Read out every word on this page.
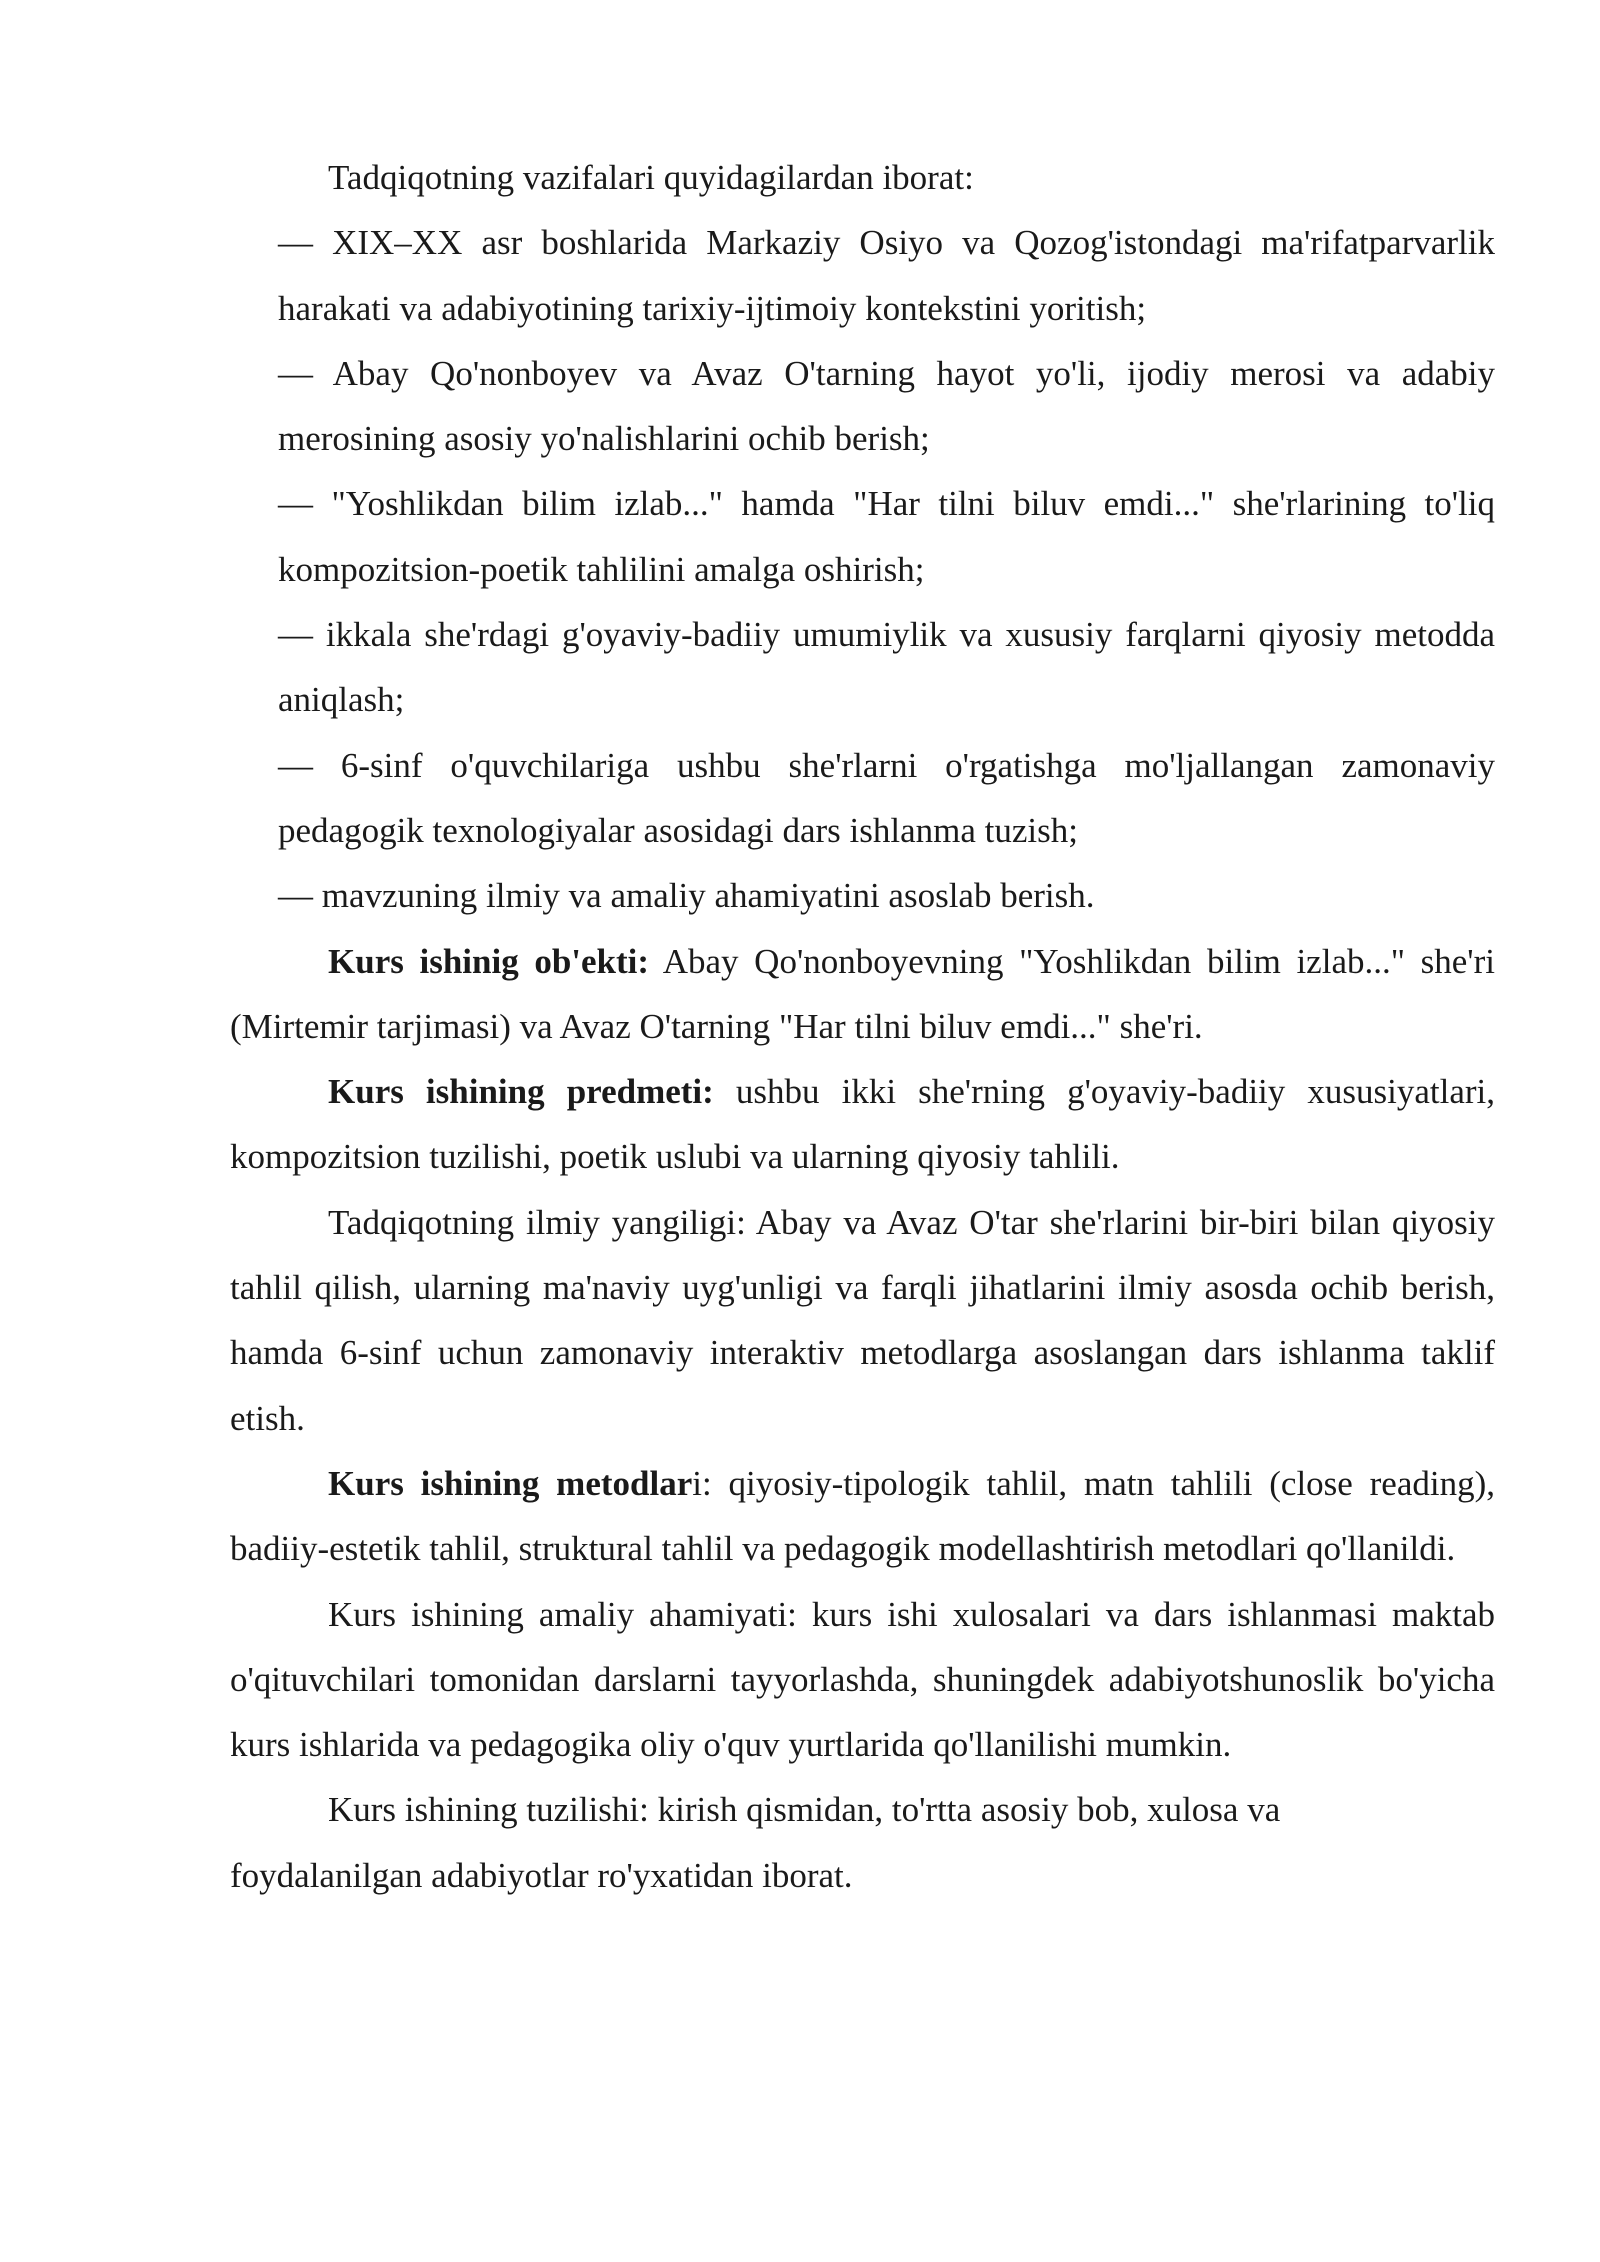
Tadqiqotning vazifalari quyidagilardan iborat:

— XIX–XX asr boshlarida Markaziy Osiyo va Qozog'istondagi ma'rifatparvarlik harakati va adabiyotining tarixiy-ijtimoiy kontekstini yoritish;

— Abay Qo'nonboyev va Avaz O'tarning hayot yo'li, ijodiy merosi va adabiy merosining asosiy yo'nalishlarini ochib berish;

— "Yoshlikdan bilim izlab..." hamda "Har tilni biluv emdi..." she'rlarining to'liq kompozitsion-poetik tahlilini amalga oshirish;

— ikkala she'rdagi g'oyaviy-badiiy umumiylik va xususiy farqlarni qiyosiy metodda aniqlash;

— 6-sinf o'quvchilariga ushbu she'rlarni o'rgatishga mo'ljallangan zamonaviy pedagogik texnologiyalar asosidagi dars ishlanma tuzish;

— mavzuning ilmiy va amaliy ahamiyatini asoslab berish.

Kurs ishinig ob'ekti: Abay Qo'nonboyevning "Yoshlikdan bilim izlab..." she'ri (Mirtemir tarjimasi) va Avaz O'tarning "Har tilni biluv emdi..." she'ri.

Kurs ishining predmeti: ushbu ikki she'rning g'oyaviy-badiiy xususiyatlari, kompozitsion tuzilishi, poetik uslubi va ularning qiyosiy tahlili.

Tadqiqotning ilmiy yangiligi: Abay va Avaz O'tar she'rlarini bir-biri bilan qiyosiy tahlil qilish, ularning ma'naviy uyg'unligi va farqli jihatlarini ilmiy asosda ochib berish, hamda 6-sinf uchun zamonaviy interaktiv metodlarga asoslangan dars ishlanma taklif etish.

Kurs ishining metodlari: qiyosiy-tipologik tahlil, matn tahlili (close reading), badiiy-estetik tahlil, struktural tahlil va pedagogik modellashtirish metodlari qo'llanildi.

Kurs ishining amaliy ahamiyati: kurs ishi xulosalari va dars ishlanmasi maktab o'qituvchilari tomonidan darslarni tayyorlashda, shuningdek adabiyotshunoslik bo'yicha kurs ishlarida va pedagogika oliy o'quv yurtlarida qo'llanilishi mumkin.

Kurs ishining tuzilishi: kirish qismidan, to'rtta asosiy bob, xulosa va

foydalanilgan adabiyotlar ro'yxatidan iborat.
